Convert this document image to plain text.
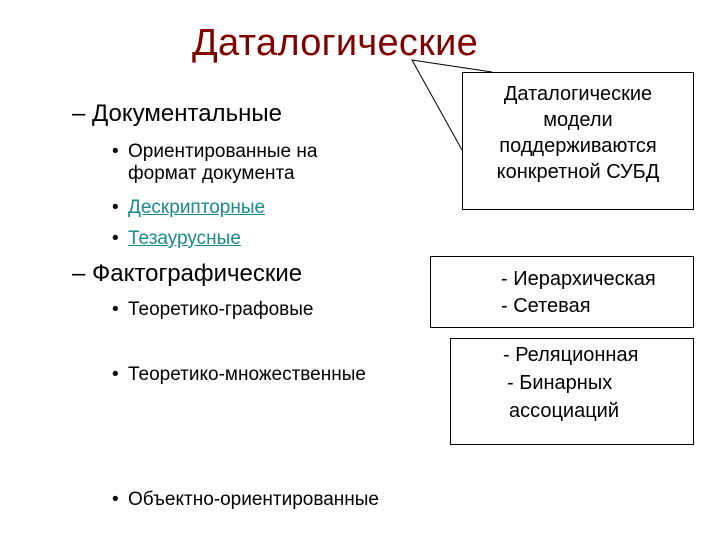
Даталогические
– Документальные
• Ориентированные на
формат документа
• Дескрипторные
• Тезаурусные
– Фактографические
• Теоретико-графовые
• Теоретико-множественные
• Объектно-ориентированные
Даталогические
модели
поддерживаются
конкретной СУБД
- Иерархическая
- Сетевая
- Реляционная
- Бинарных
ассоциаций
